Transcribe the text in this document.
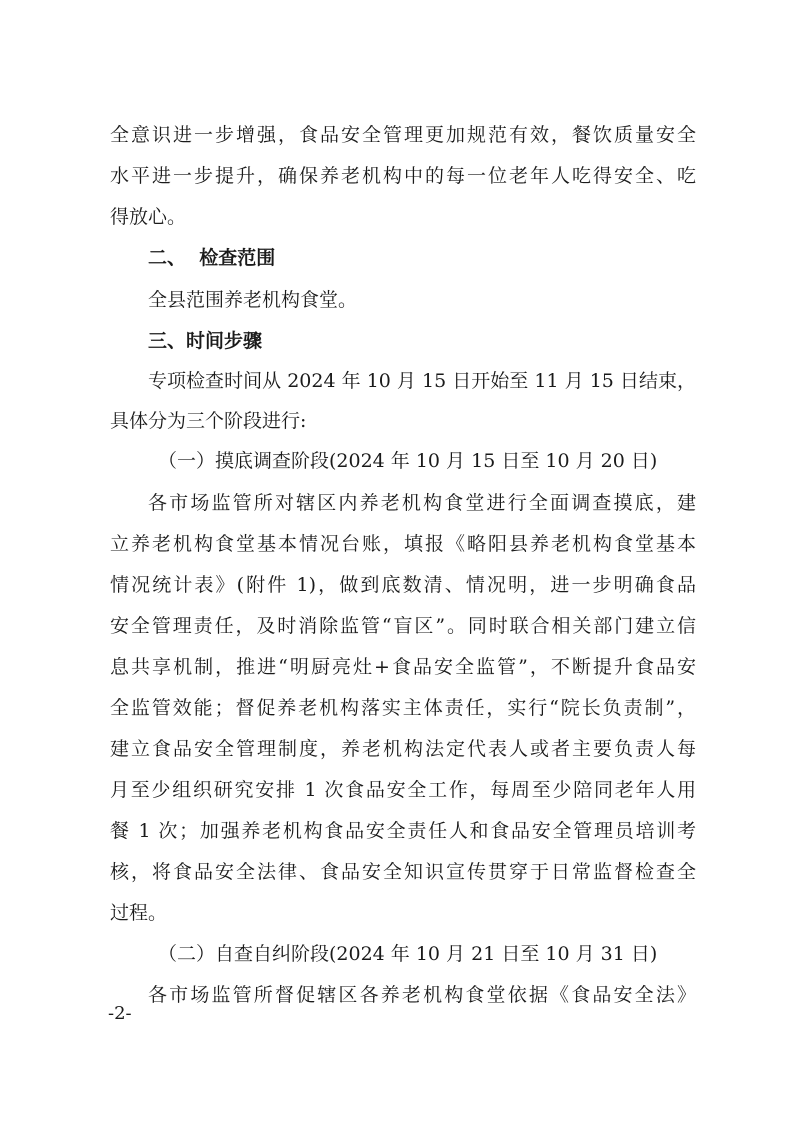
全意识进一步增强，食品安全管理更加规范有效，餐饮质量安全
水平进一步提升，确保养老机构中的每一位老年人吃得安全、吃
得放心。
二、  检查范围
全县范围养老机构食堂。
三、时间步骤
专项检查时间从 2024 年 10 月 15 日开始至 11 月 15 日结束，
具体分为三个阶段进行:
（一）摸底调查阶段(2024 年 10 月 15 日至 10 月 20 日)
各市场监管所对辖区内养老机构食堂进行全面调查摸底，建
立养老机构食堂基本情况台账，填报《略阳县养老机构食堂基本
情况统计表》(附件 1)，做到底数清、情况明，进一步明确食品
安全管理责任，及时消除监管“盲区”。同时联合相关部门建立信
息共享机制，推进“明厨亮灶+食品安全监管”，不断提升食品安
全监管效能；督促养老机构落实主体责任，实行“院长负责制”，
建立食品安全管理制度，养老机构法定代表人或者主要负责人每
月至少组织研究安排 1 次食品安全工作，每周至少陪同老年人用
餐 1 次；加强养老机构食品安全责任人和食品安全管理员培训考
核，将食品安全法律、食品安全知识宣传贯穿于日常监督检查全
过程。
（二）自查自纠阶段(2024 年 10 月 21 日至 10 月 31 日)
各市场监管所督促辖区各养老机构食堂依据《食品安全法》
-2-
